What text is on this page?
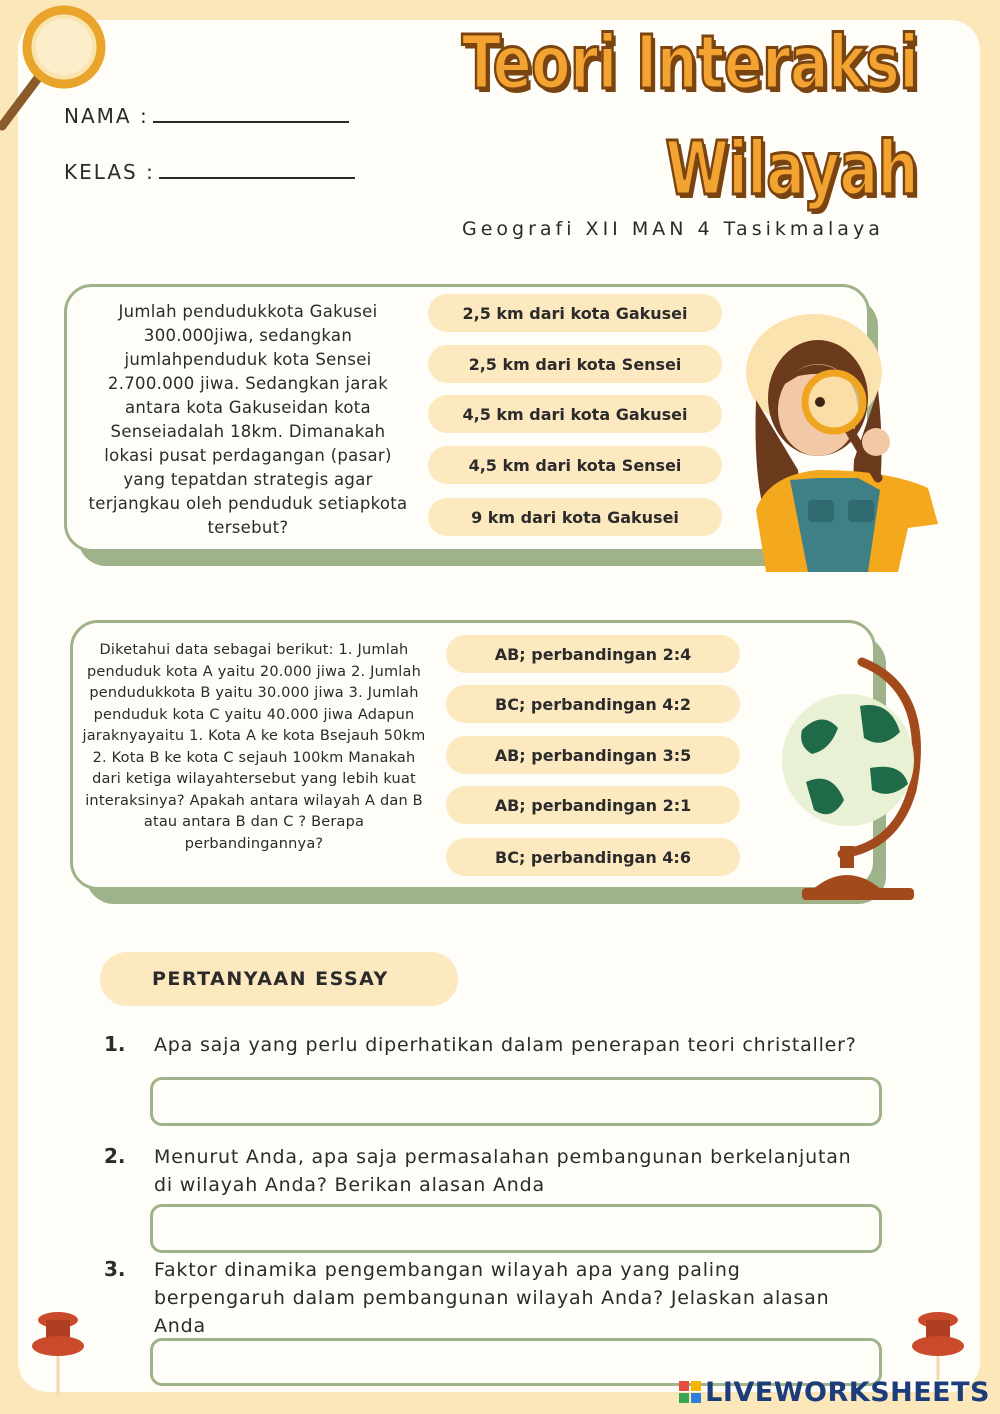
Teori Interaksi
Wilayah
NAMA :
KELAS :
Geografi XII MAN 4 Tasikmalaya
Jumlah pendudukkota Gakusei 300.000jiwa, sedangkan jumlahpenduduk kota Sensei 2.700.000 jiwa. Sedangkan jarak antara kota Gakuseidan kota Senseiadalah 18km. Dimanakah lokasi pusat perdagangan (pasar) yang tepatdan strategis agar terjangkau oleh penduduk setiapkota tersebut?
2,5 km dari kota Gakusei
2,5 km dari kota Sensei
4,5 km dari kota Gakusei
4,5 km dari kota Sensei
9 km dari kota Gakusei
Diketahui data sebagai berikut: 1. Jumlah penduduk kota A yaitu 20.000 jiwa 2. Jumlah pendudukkota B yaitu 30.000 jiwa 3. Jumlah penduduk kota C yaitu 40.000 jiwa Adapun jaraknyayaitu 1. Kota A ke kota Bsejauh 50km 2. Kota B ke kota C sejauh 100km Manakah dari ketiga wilayahtersebut yang lebih kuat interaksinya? Apakah antara wilayah A dan B atau antara B dan C ? Berapa perbandingannya?
AB; perbandingan 2:4
BC; perbandingan 4:2
AB; perbandingan 3:5
AB; perbandingan 2:1
BC; perbandingan 4:6
PERTANYAAN ESSAY
1. Apa saja yang perlu diperhatikan dalam penerapan teori christaller?
2. Menurut Anda, apa saja permasalahan pembangunan berkelanjutan di wilayah Anda? Berikan alasan Anda
3. Faktor dinamika pengembangan wilayah apa yang paling berpengaruh dalam pembangunan wilayah Anda? Jelaskan alasan Anda
LIVEWORKSHEETS
